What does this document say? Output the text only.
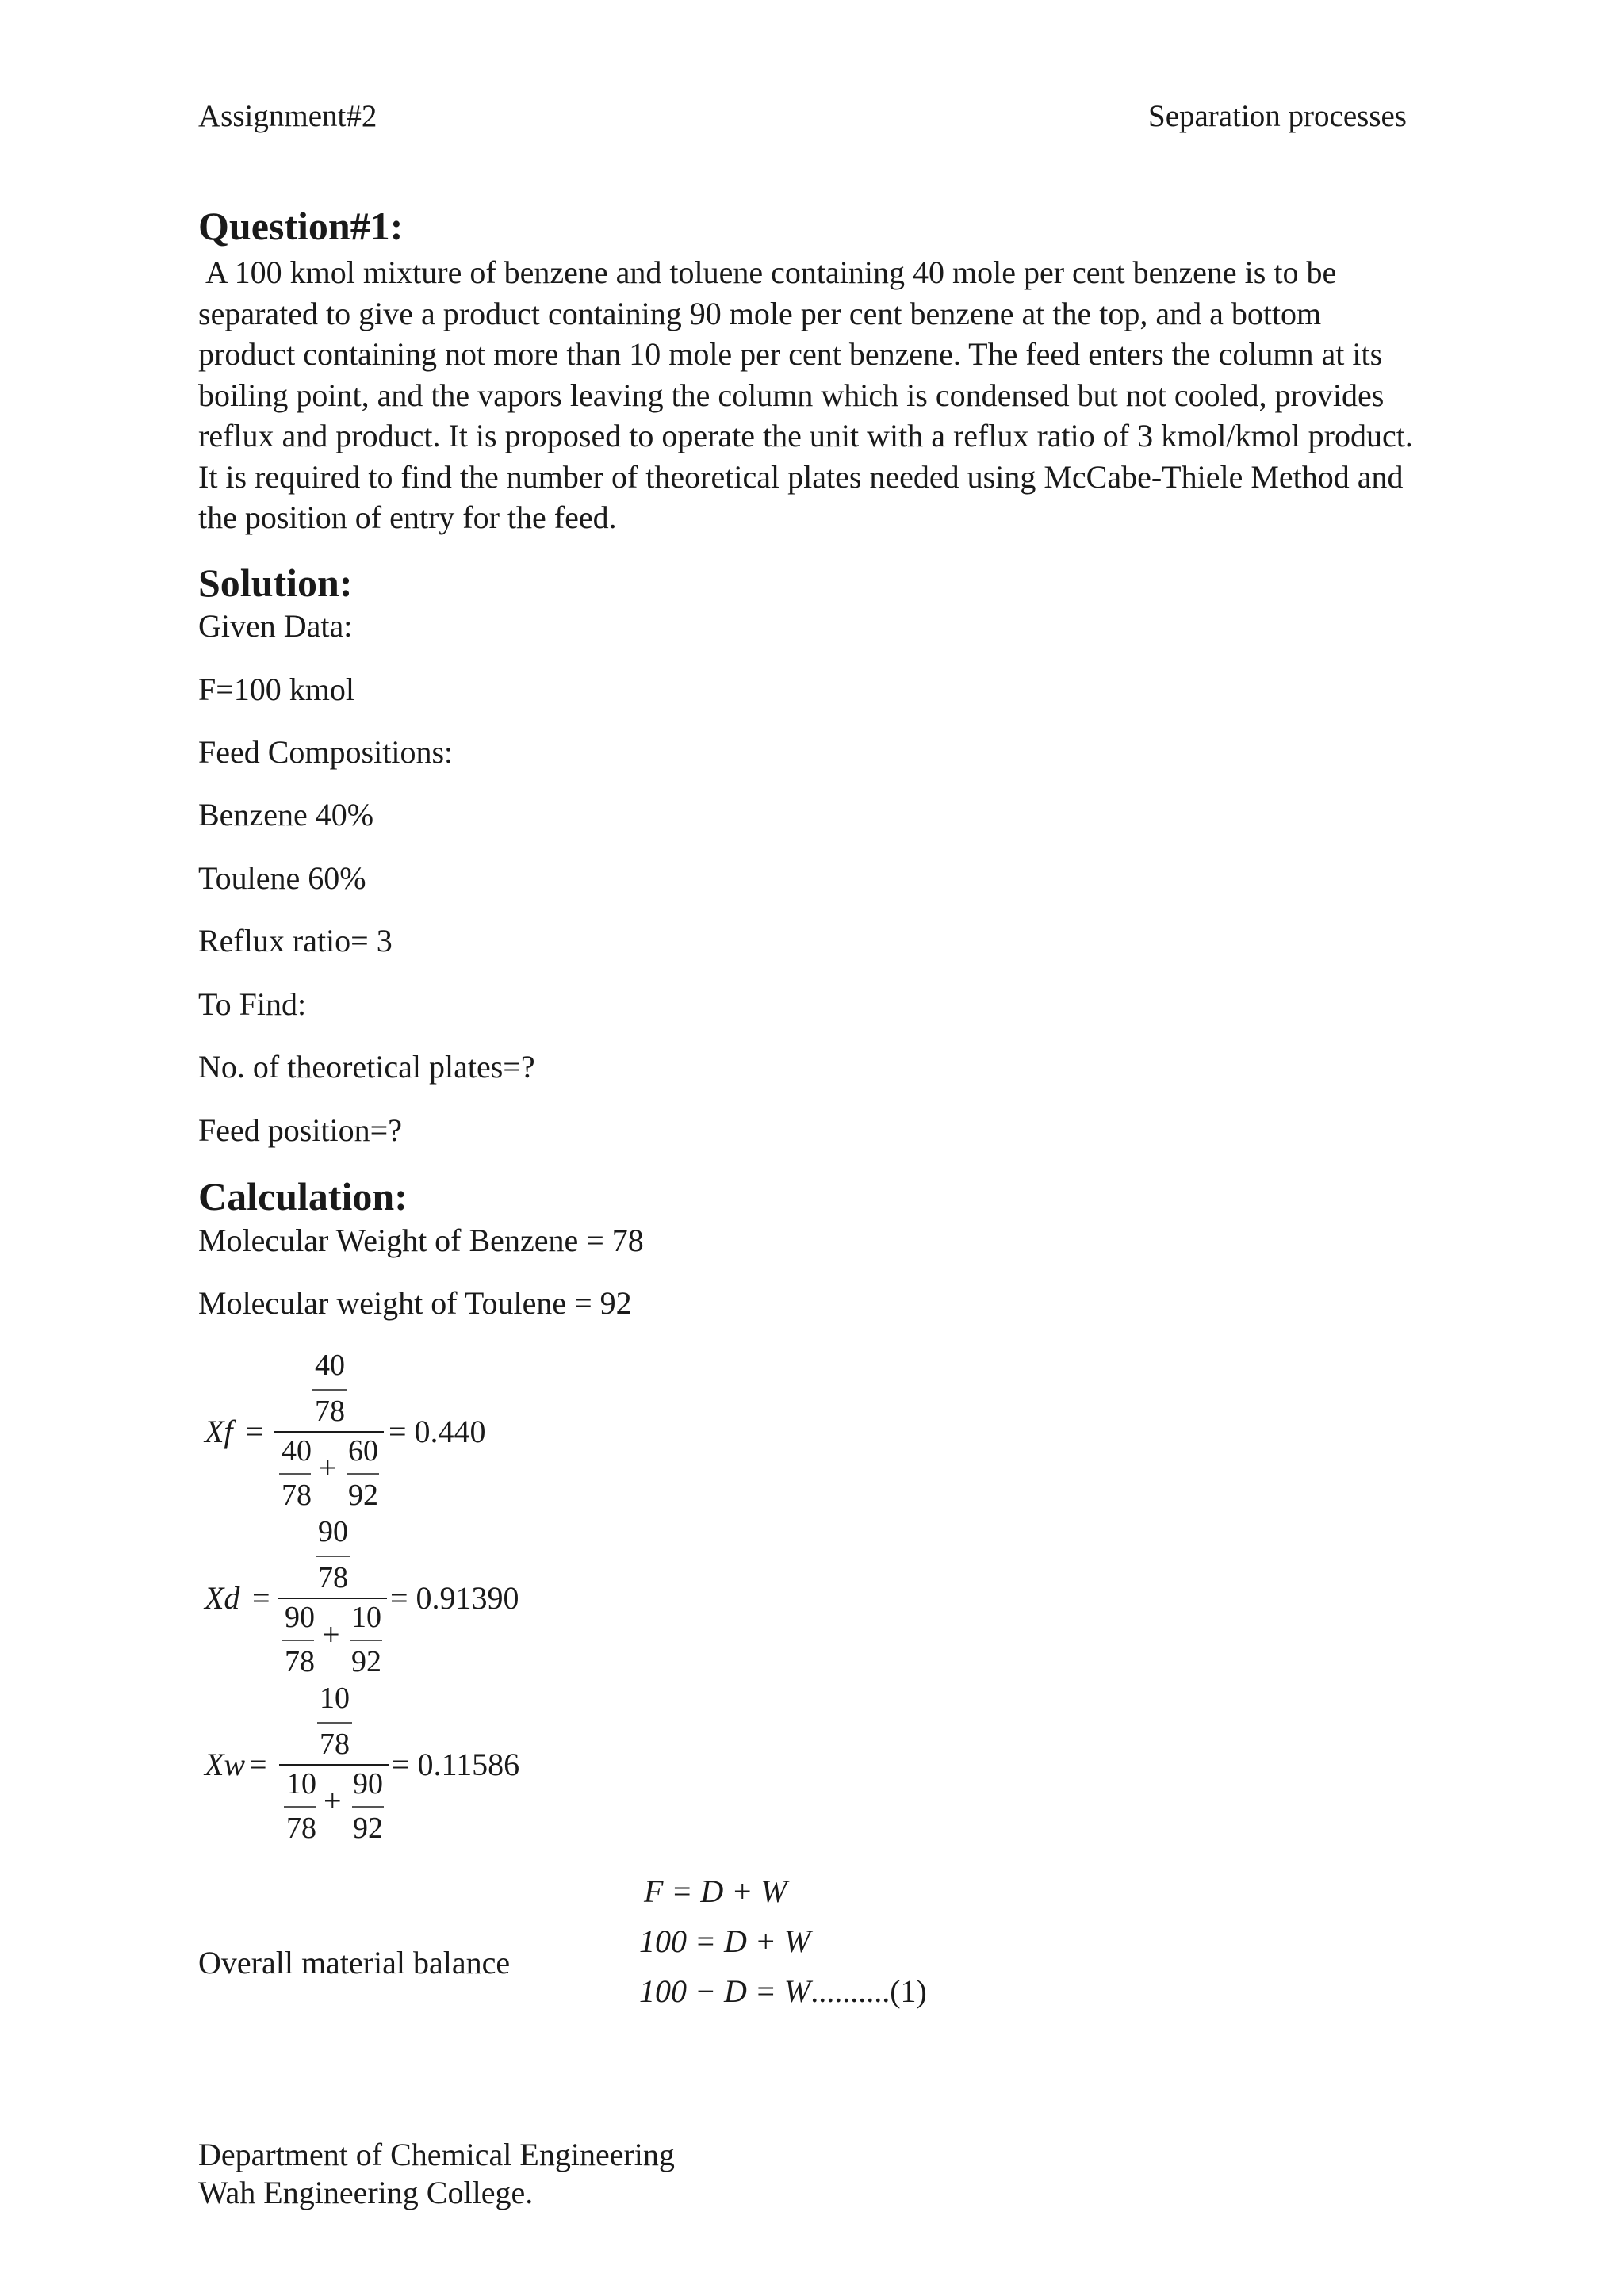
Assignment#2	Separation processes
Question#1:
A 100 kmol mixture of benzene and toluene containing 40 mole per cent benzene is to be
separated to give a product containing 90 mole per cent benzene at the top, and a bottom
product containing not more than 10 mole per cent benzene. The feed enters the column at its
boiling point, and the vapors leaving the column which is condensed but not cooled, provides
reflux and product. It is proposed to operate the unit with a reflux ratio of 3 kmol/kmol product.
It is required to find the number of theoretical plates needed using McCabe-Thiele Method and
the position of entry for the feed.
Solution:
Given Data:
F=100 kmol
Feed Compositions:
Benzene 40%
Toulene 60%
Reflux ratio= 3
To Find:
No. of theoretical plates=?
Feed position=?
Calculation:
Molecular Weight of Benzene = 78
Molecular weight of Toulene = 92
Xf =
40
78
40 + 60
78 92
= 0.440
Xd =
90
78
90 + 10
78 92
= 0.91390
Xw =
10
78
10 + 90
78 92
= 0.11586
Overall material balance
F = D + W
100 = D + W
100 − D = W..........(1)
Department of Chemical Engineering
Wah Engineering College.
